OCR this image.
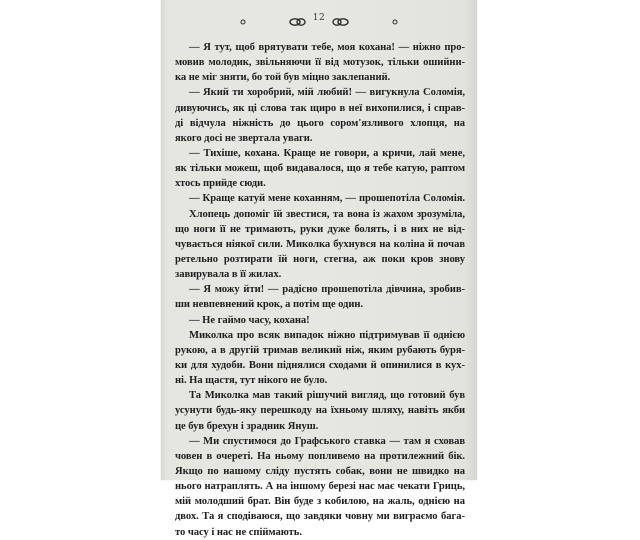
12
— Я тут, щоб врятувати тебе, моя кохана! — ніжно про-
мовив молодик, звільняючи її від мотузок, тільки ошийни-
ка не міг зняти, бо той був міцно заклепаний.
— Який ти хоробрий, мій любий! — вигукнула Соломія,
дивуючись, як ці слова так щиро в неї вихопилися, і справ-
ді відчула ніжність до цього сором'язливого хлопця, на
якого досі не звертала уваги.
— Тихіше, кохана. Краще не говори, а кричи, лай мене,
як тільки можеш, щоб видавалося, що я тебе катую, раптом
хтось прийде сюди.
— Краще катуй мене коханням, — прошепотіла Соломія.
Хлопець допоміг їй звестися, та вона із жахом зрозуміла,
що ноги її не тримають, руки дуже болять, і в них не від-
чувається ніякої сили. Миколка бухнувся на коліна й почав
ретельно розтирати їй ноги, стегна, аж поки кров знову
завирувала в її жилах.
— Я можу йти! — радісно прошепотіла дівчина, зробив-
ши невпевнений крок, а потім ще один.
— Не гаймо часу, кохана!
Миколка про всяк випадок ніжно підтримував її однією
рукою, а в другій тримав великий ніж, яким рубають буря-
ки для худоби. Вони піднялися сходами й опинилися в кух-
ні. На щастя, тут нікого не було.
Та Миколка мав такий рішучий вигляд, що готовий був
усунути будь-яку перешкоду на їхньому шляху, навіть якби
це був брехун і зрадник Януш.
— Ми спустимося до Графського ставка — там я сховав
човен в очереті. На ньому попливемо на протилежний бік.
Якщо по нашому сліду пустять собак, вони не швидко на
нього натраплять. А на іншому березі нас має чекати Гриць,
мій молодший брат. Він буде з кобилою, на жаль, однією на
двох. Та я сподіваюся, що завдяки човну ми виграємо бага-
то часу і нас не спіймають.
